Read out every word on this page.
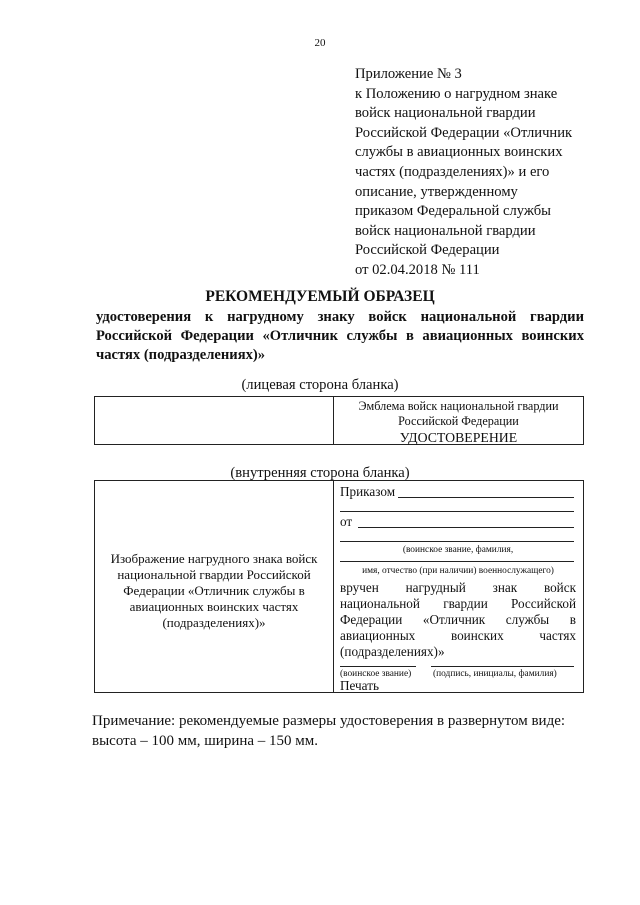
20
Приложение № 3
к Положению о нагрудном знаке
войск национальной гвардии
Российской Федерации «Отличник
службы в авиационных воинских
частях (подразделениях)» и его
описание, утвержденному
приказом Федеральной службы
войск национальной гвардии
Российской Федерации
от 02.04.2018 № 111
РЕКОМЕНДУЕМЫЙ ОБРАЗЕЦ
удостоверения к нагрудному знаку войск национальной гвардии
Российской Федерации «Отличник службы в авиационных воинских
частях (подразделениях)»
(лицевая сторона бланка)
Эмблема войск национальной гвардии
Российской Федерации
УДОСТОВЕРЕНИЕ
(внутренняя сторона бланка)
Изображение нагрудного знака войск национальной гвардии Российской Федерации «Отличник службы в авиационных воинских частях (подразделениях)»
Приказом
от
(воинское звание, фамилия,
имя, отчество (при наличии) военнослужащего)
вручен нагрудный знак войск
национальной гвардии Российской
Федерации «Отличник службы в
авиационных воинских частях
(подразделениях)»
(воинское звание) (подпись, инициалы, фамилия)
Печать
Примечание: рекомендуемые размеры удостоверения в развернутом виде:
высота – 100 мм, ширина – 150 мм.
